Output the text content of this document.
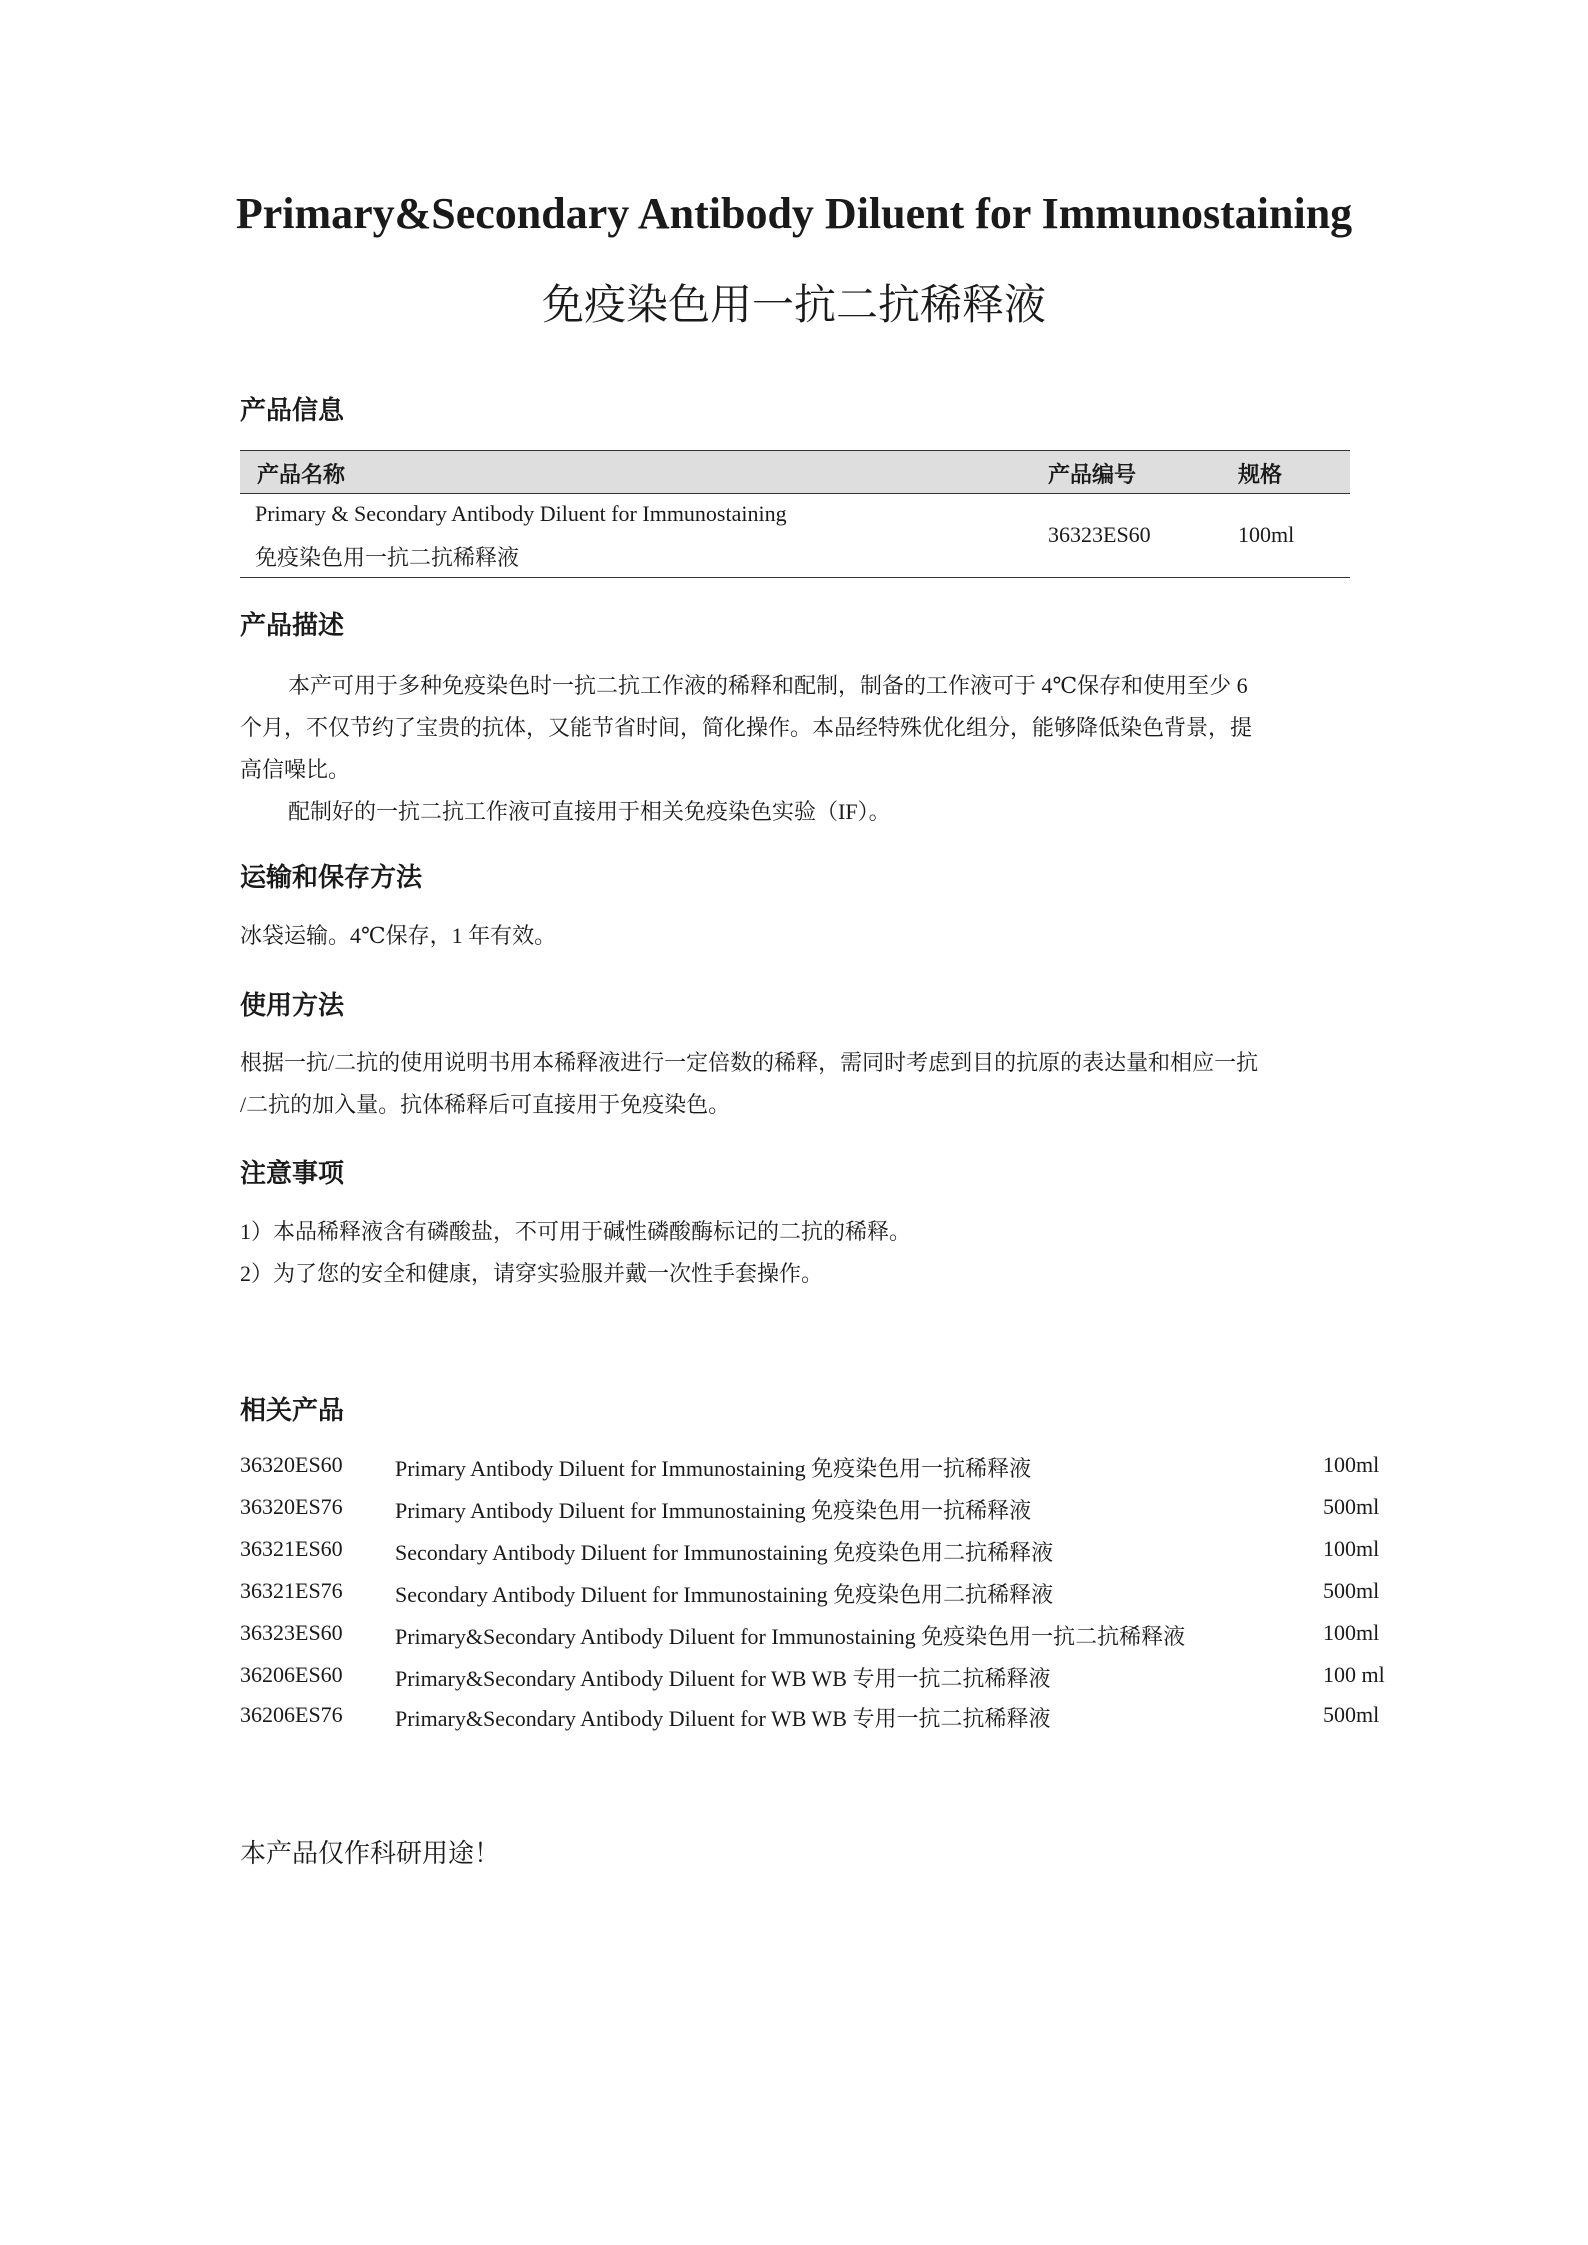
Primary&Secondary Antibody Diluent for Immunostaining
免疫染色用一抗二抗稀释液
产品信息
产品名称	产品编号	规格
Primary & Secondary Antibody Diluent for Immunostaining
免疫染色用一抗二抗稀释液
36323ES60	100ml
产品描述
本产可用于多种免疫染色时一抗二抗工作液的稀释和配制，制备的工作液可于 4℃保存和使用至少 6
个月，不仅节约了宝贵的抗体，又能节省时间，简化操作。本品经特殊优化组分，能够降低染色背景，提
高信噪比。
配制好的一抗二抗工作液可直接用于相关免疫染色实验（IF）。
运输和保存方法
冰袋运输。4℃保存，1 年有效。
使用方法
根据一抗/二抗的使用说明书用本稀释液进行一定倍数的稀释，需同时考虑到目的抗原的表达量和相应一抗
/二抗的加入量。抗体稀释后可直接用于免疫染色。
注意事项
1）本品稀释液含有磷酸盐，不可用于碱性磷酸酶标记的二抗的稀释。
2）为了您的安全和健康，请穿实验服并戴一次性手套操作。
相关产品
36320ES60 Primary Antibody Diluent for Immunostaining 免疫染色用一抗稀释液	100ml
36320ES76 Primary Antibody Diluent for Immunostaining 免疫染色用一抗稀释液	500ml
36321ES60 Secondary Antibody Diluent for Immunostaining 免疫染色用二抗稀释液	100ml
36321ES76 Secondary Antibody Diluent for Immunostaining 免疫染色用二抗稀释液	500ml
36323ES60 Primary&Secondary Antibody Diluent for Immunostaining 免疫染色用一抗二抗稀释液	100ml
36206ES60 Primary&Secondary Antibody Diluent for WB WB 专用一抗二抗稀释液	100 ml
36206ES76 Primary&Secondary Antibody Diluent for WB WB 专用一抗二抗稀释液	500ml
本产品仅作科研用途！
